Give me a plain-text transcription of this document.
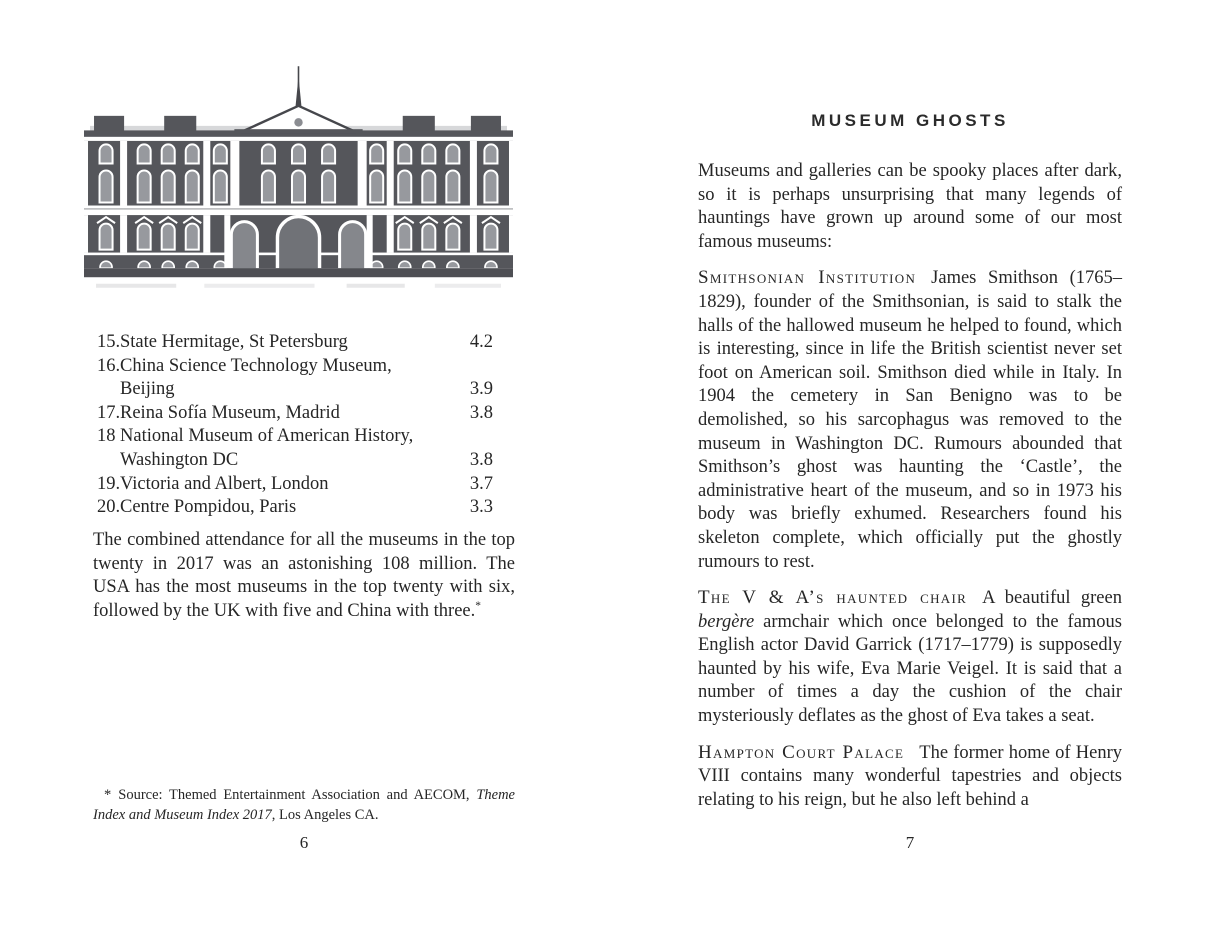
15. State Hermitage, St Petersburg	4.2
16. China Science Technology Museum,
Beijing	3.9
17. Reina Sofía Museum, Madrid	3.8
18 National Museum of American History,
Washington DC	3.8
19. Victoria and Albert, London	3.7
20. Centre Pompidou, Paris	3.3

The combined attendance for all the museums in the top twenty in 2017 was an astonishing 108 million. The USA has the most museums in the top twenty with six, followed by the UK with five and China with three.*

* Source: Themed Entertainment Association and AECOM, Theme Index and Museum Index 2017, Los Angeles CA.
6
MUSEUM GHOSTS

Museums and galleries can be spooky places after dark, so it is perhaps unsurprising that many legends of hauntings have grown up around some of our most famous museums:

Smithsonian Institution James Smithson (1765–1829), founder of the Smithsonian, is said to stalk the halls of the hallowed museum he helped to found, which is interesting, since in life the British scientist never set foot on American soil. Smithson died while in Italy. In 1904 the cemetery in San Benigno was to be demolished, so his sarcophagus was removed to the museum in Washington DC. Rumours abounded that Smithson’s ghost was haunting the ‘Castle’, the administrative heart of the museum, and so in 1973 his body was briefly exhumed. Researchers found his skeleton complete, which officially put the ghostly rumours to rest.

The V & A’s haunted chair A beautiful green bergère armchair which once belonged to the famous English actor David Garrick (1717–1779) is supposedly haunted by his wife, Eva Marie Veigel. It is said that a number of times a day the cushion of the chair mysteriously deflates as the ghost of Eva takes a seat.

Hampton Court Palace The former home of Henry VIII contains many wonderful tapestries and objects relating to his reign, but he also left behind a

7
